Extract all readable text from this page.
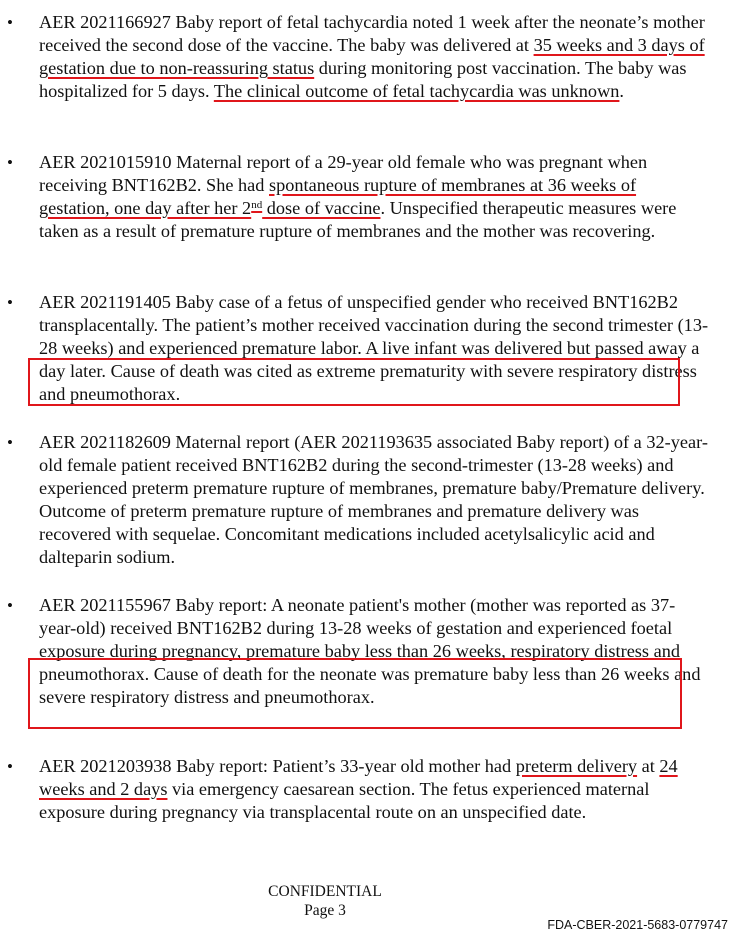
• AER 2021166927 Baby report of fetal tachycardia noted 1 week after the neonate’s mother received the second dose of the vaccine. The baby was delivered at 35 weeks and 3 days of gestation due to non-reassuring status during monitoring post vaccination. The baby was hospitalized for 5 days. The clinical outcome of fetal tachycardia was unknown.

• AER 2021015910 Maternal report of a 29-year old female who was pregnant when receiving BNT162B2. She had spontaneous rupture of membranes at 36 weeks of gestation, one day after her 2nd dose of vaccine. Unspecified therapeutic measures were taken as a result of premature rupture of membranes and the mother was recovering.

• AER 2021191405 Baby case of a fetus of unspecified gender who received BNT162B2 transplacentally. The patient’s mother received vaccination during the second trimester (13-28 weeks) and experienced premature labor. A live infant was delivered but passed away a day later. Cause of death was cited as extreme prematurity with severe respiratory distress and pneumothorax.

• AER 2021182609 Maternal report (AER 2021193635 associated Baby report) of a 32-year-old female patient received BNT162B2 during the second-trimester (13-28 weeks) and experienced preterm premature rupture of membranes, premature baby/Premature delivery. Outcome of preterm premature rupture of membranes and premature delivery was recovered with sequelae. Concomitant medications included acetylsalicylic acid and dalteparin sodium.

• AER 2021155967 Baby report: A neonate patient's mother (mother was reported as 37-year-old) received BNT162B2 during 13-28 weeks of gestation and experienced foetal exposure during pregnancy, premature baby less than 26 weeks, respiratory distress and pneumothorax. Cause of death for the neonate was premature baby less than 26 weeks and severe respiratory distress and pneumothorax.

• AER 2021203938 Baby report: Patient’s 33-year old mother had preterm delivery at 24 weeks and 2 days via emergency caesarean section. The fetus experienced maternal exposure during pregnancy via transplacental route on an unspecified date.

CONFIDENTIAL
Page 3
FDA-CBER-2021-5683-0779747
